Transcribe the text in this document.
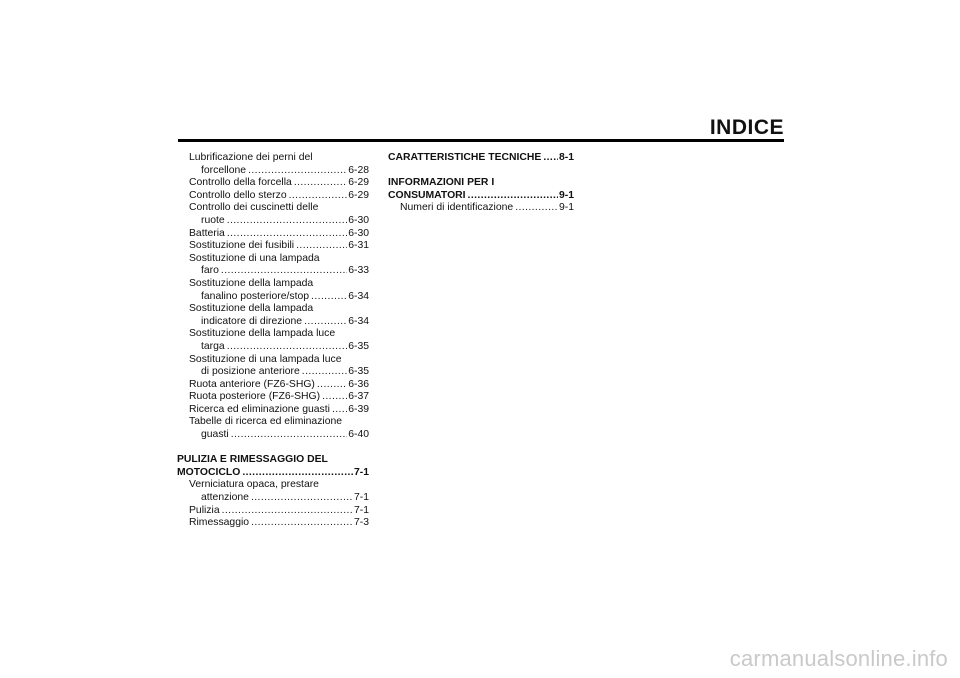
INDICE
Lubrificazione dei perni del
forcellone .....	6-28
Controllo della forcella .....	6-29
Controllo dello sterzo .....	6-29
Controllo dei cuscinetti delle
ruote .....	6-30
Batteria .....	6-30
Sostituzione dei fusibili .....	6-31
Sostituzione di una lampada
faro .....	6-33
Sostituzione della lampada
fanalino posteriore/stop .....	6-34
Sostituzione della lampada
indicatore di direzione .....	6-34
Sostituzione della lampada luce
targa .....	6-35
Sostituzione di una lampada luce
di posizione anteriore .....	6-35
Ruota anteriore (FZ6-SHG) .....	6-36
Ruota posteriore (FZ6-SHG) .....	6-37
Ricerca ed eliminazione guasti ..... 6-39
Tabelle di ricerca ed eliminazione
guasti .....	6-40
PULIZIA E RIMESSAGGIO DEL
MOTOCICLO .....	7-1
Verniciatura opaca, prestare
attenzione .....	7-1
Pulizia .....	7-1
Rimessaggio .....	7-3
CARATTERISTICHE TECNICHE ..... 8-1
INFORMAZIONI PER I
CONSUMATORI .....	9-1
Numeri di identificazione .....	9-1
carmanualsonline.info
